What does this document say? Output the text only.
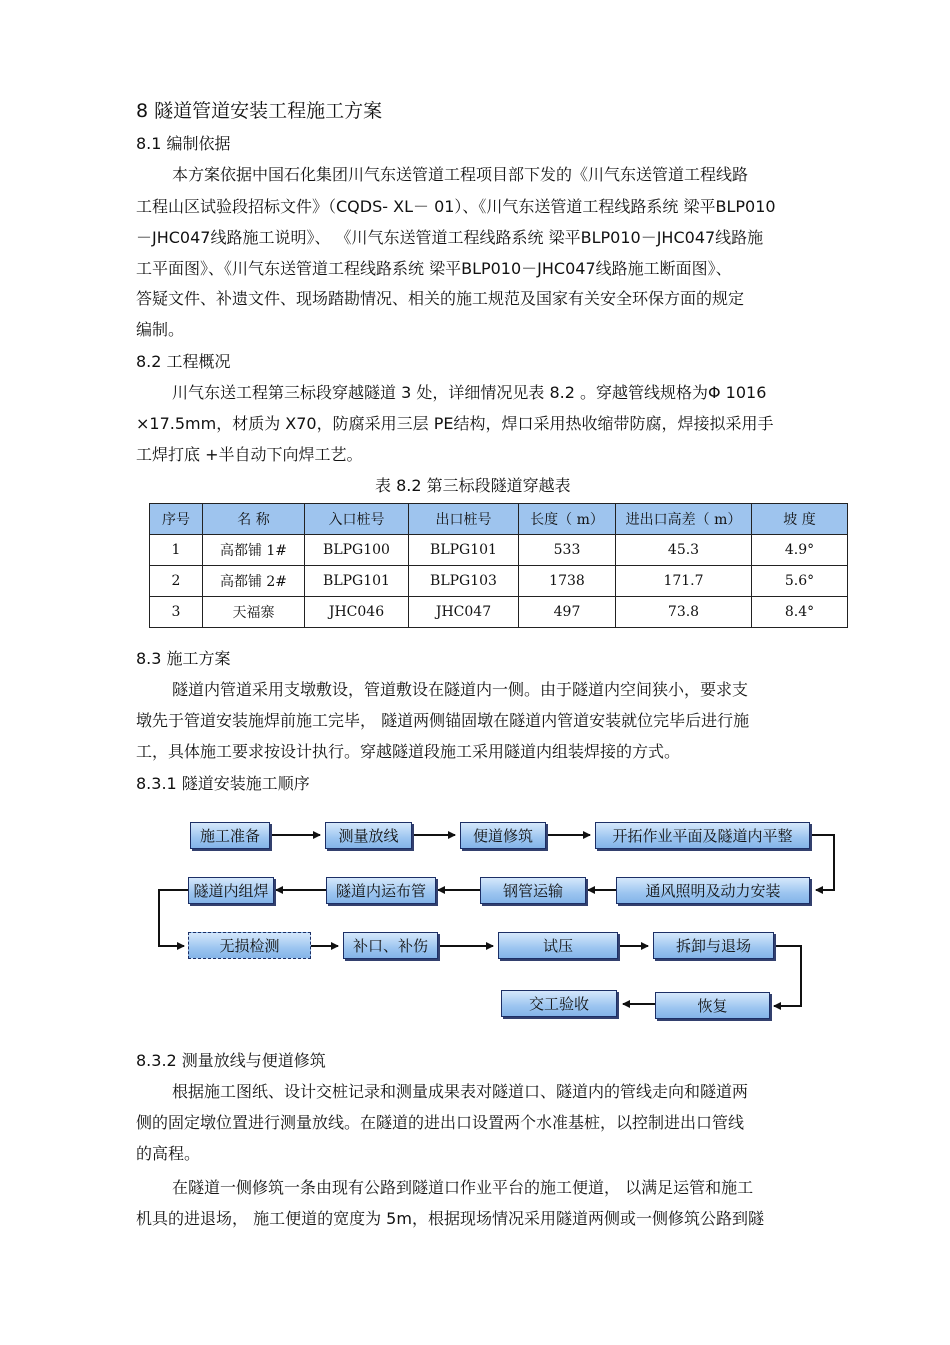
8 隧道管道安装工程施工方案
8.1 编制依据
本方案依据中国石化集团川气东送管道工程项目部下发的《川气东送管道工程线路
工程山区试验段招标文件》（CQDS- XL－ 01）、《川气东送管道工程线路系统 梁平BLP010
－JHC047线路施工说明》、 《川气东送管道工程线路系统 梁平BLP010－JHC047线路施
工平面图》、《川气东送管道工程线路系统 梁平BLP010－JHC047线路施工断面图》、
答疑文件、补遗文件、现场踏勘情况、相关的施工规范及国家有关安全环保方面的规定
编制。
8.2 工程概况
川气东送工程第三标段穿越隧道 3 处，详细情况见表 8.2 。穿越管线规格为Φ 1016
×17.5mm，材质为 X70，防腐采用三层 PE结构，焊口采用热收缩带防腐，焊接拟采用手
工焊打底 +半自动下向焊工艺。
表 8.2 第三标段隧道穿越表
序号	名 称	入口桩号	出口桩号	长度（ m）	进出口高差（ m）	坡 度
1	高都铺 1#	BLPG100	BLPG101	533	45.3	4.9°
2	高都铺 2#	BLPG101	BLPG103	1738	171.7	5.6°
3	天福寨	JHC046	JHC047	497	73.8	8.4°
8.3 施工方案
隧道内管道采用支墩敷设，管道敷设在隧道内一侧。由于隧道内空间狭小，要求支
墩先于管道安装施焊前施工完毕， 隧道两侧锚固墩在隧道内管道安装就位完毕后进行施
工，具体施工要求按设计执行。穿越隧道段施工采用隧道内组装焊接的方式。
8.3.1 隧道安装施工顺序
施工准备	测量放线	便道修筑	开拓作业平面及隧道内平整
隧道内组焊	隧道内运布管	钢管运输	通风照明及动力安装
无损检测	补口、补伤	试压	拆卸与退场
交工验收	恢复
8.3.2 测量放线与便道修筑
根据施工图纸、设计交桩记录和测量成果表对隧道口、隧道内的管线走向和隧道两
侧的固定墩位置进行测量放线。在隧道的进出口设置两个水准基桩，以控制进出口管线
的高程。
在隧道一侧修筑一条由现有公路到隧道口作业平台的施工便道， 以满足运管和施工
机具的进退场， 施工便道的宽度为 5m，根据现场情况采用隧道两侧或一侧修筑公路到隧
